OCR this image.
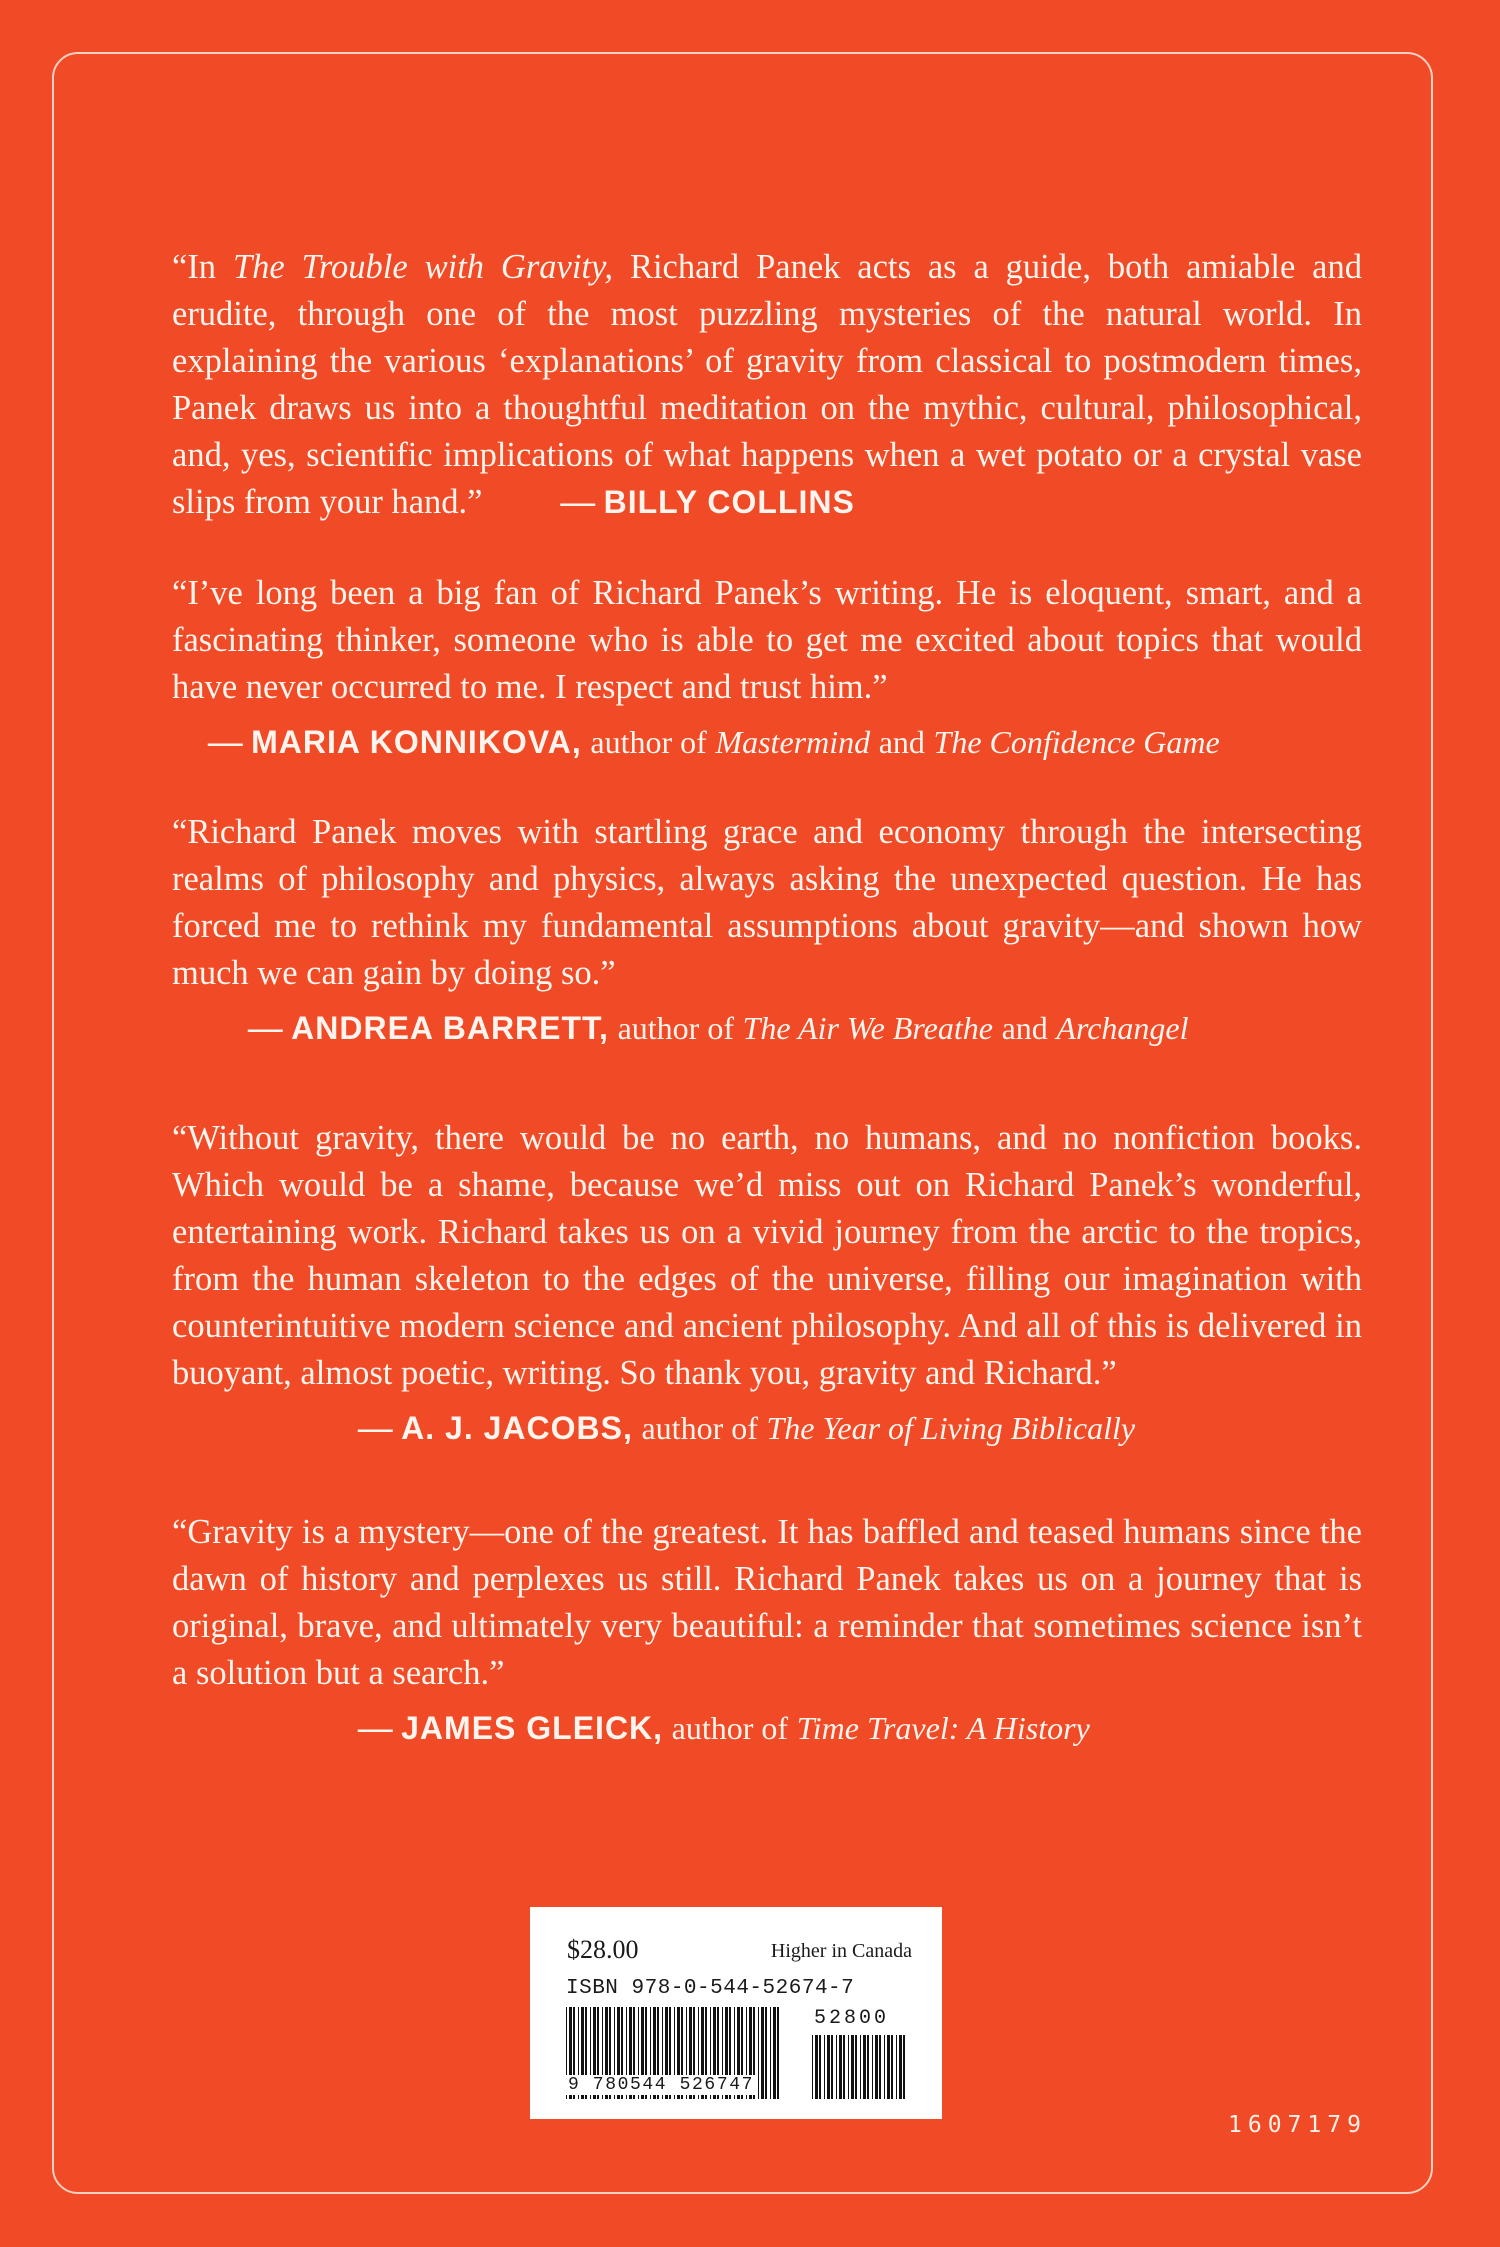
“In The Trouble with Gravity, Richard Panek acts as a guide, both amiable and erudite, through one of the most puzzling mysteries of the natural world. In explaining the various ‘explanations’ of gravity from classical to postmodern times, Panek draws us into a thoughtful meditation on the mythic, cultural, philosophical, and, yes, scientific implications of what happens when a wet potato or a crystal vase slips from your hand.” — BILLY COLLINS

“I’ve long been a big fan of Richard Panek’s writing. He is eloquent, smart, and a fascinating thinker, someone who is able to get me excited about topics that would have never occurred to me. I respect and trust him.”

— MARIA KONNIKOVA, author of Mastermind and The Confidence Game

“Richard Panek moves with startling grace and economy through the intersecting realms of philosophy and physics, always asking the unexpected question. He has forced me to rethink my fundamental assumptions about gravity—and shown how much we can gain by doing so.”

— ANDREA BARRETT, author of The Air We Breathe and Archangel

“Without gravity, there would be no earth, no humans, and no nonfiction books. Which would be a shame, because we’d miss out on Richard Panek’s wonderful, entertaining work. Richard takes us on a vivid journey from the arctic to the tropics, from the human skeleton to the edges of the universe, filling our imagination with counterintuitive modern science and ancient philosophy. And all of this is delivered in buoyant, almost poetic, writing. So thank you, gravity and Richard.”

— A. J. JACOBS, author of The Year of Living Biblically

“Gravity is a mystery—one of the greatest. It has baffled and teased humans since the dawn of history and perplexes us still. Richard Panek takes us on a journey that is original, brave, and ultimately very beautiful: a reminder that sometimes science isn’t a solution but a search.”

— JAMES GLEICK, author of Time Travel: A History

$28.00	Higher in Canada
ISBN 978-0-544-52674-7
9 780544 526747
52800
1607179
